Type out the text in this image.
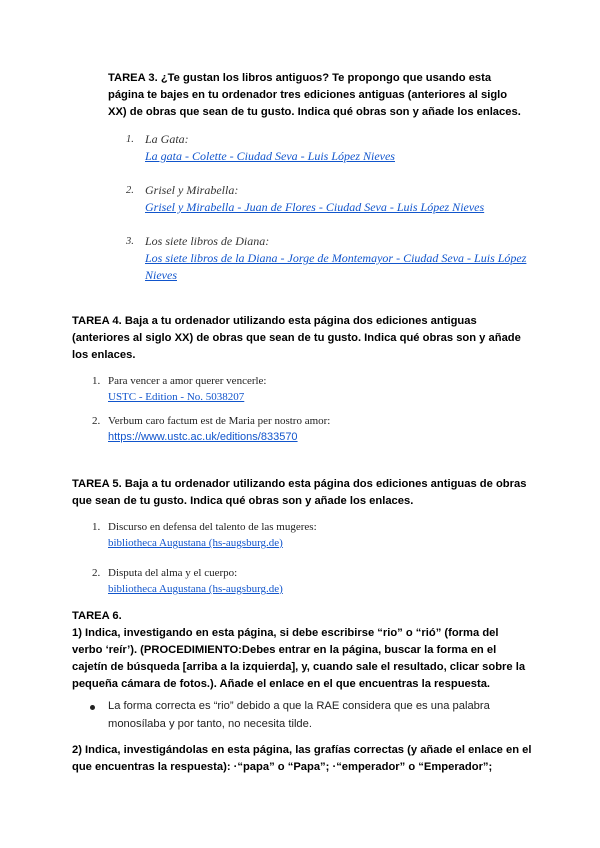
TAREA 3. ¿Te gustan los libros antiguos? Te propongo que usando esta página te bajes en tu ordenador tres ediciones antiguas (anteriores al siglo XX) de obras que sean de tu gusto. Indica qué obras son y añade los enlaces.
1. La Gata:
La gata - Colette - Ciudad Seva - Luis López Nieves
2. Grisel y Mirabella:
Grisel y Mirabella - Juan de Flores - Ciudad Seva - Luis López Nieves
3. Los siete libros de Diana:
Los siete libros de la Diana - Jorge de Montemayor - Ciudad Seva - Luis López Nieves
TAREA 4. Baja a tu ordenador utilizando esta página dos ediciones antiguas (anteriores al siglo XX) de obras que sean de tu gusto. Indica qué obras son y añade los enlaces.
1. Para vencer a amor querer vencerle:
USTC - Edition - No. 5038207
2. Verbum caro factum est de Maria per nostro amor:
https://www.ustc.ac.uk/editions/833570
TAREA 5. Baja a tu ordenador utilizando esta página dos ediciones antiguas de obras que sean de tu gusto. Indica qué obras son y añade los enlaces.
1. Discurso en defensa del talento de las mugeres:
bibliotheca Augustana (hs-augsburg.de)
2. Disputa del alma y el cuerpo:
bibliotheca Augustana (hs-augsburg.de)
TAREA 6.
1) Indica, investigando en esta página, si debe escribirse “rio” o “rió” (forma del verbo ‘reír’). (PROCEDIMIENTO:Debes entrar en la página, buscar la forma en el cajetín de búsqueda [arriba a la izquierda], y, cuando sale el resultado, clicar sobre la pequeña cámara de fotos.). Añade el enlace en el que encuentras la respuesta.
La forma correcta es “rio” debido a que la RAE considera que es una palabra monosílaba y por tanto, no necesita tilde.
2) Indica, investigándolas en esta página, las grafías correctas (y añade el enlace en el que encuentras la respuesta): ·“papa” o “Papa”; ·“emperador” o “Emperador”;
